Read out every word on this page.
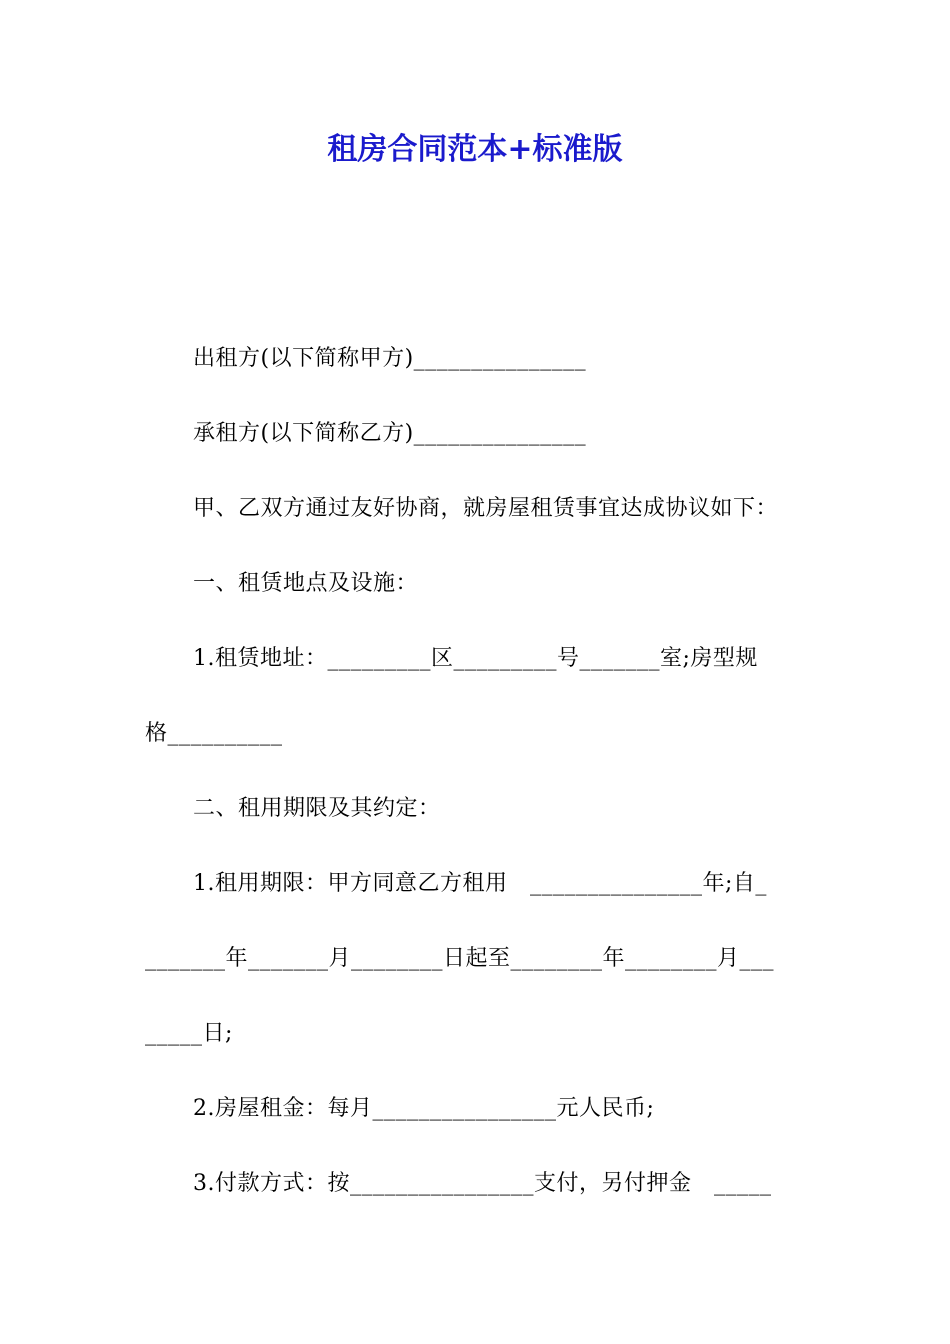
租房合同范本+标准版
出租方(以下简称甲方)_______________
承租方(以下简称乙方)_______________
甲、乙双方通过友好协商，就房屋租赁事宜达成协议如下：
一、租赁地点及设施：
1.租赁地址：_________区_________号_______室;房型规
格__________
二、租用期限及其约定：
1.租用期限：甲方同意乙方租用　_______________年;自_
_______年_______月________日起至________年________月___
_____日;
2.房屋租金：每月________________元人民币;
3.付款方式：按________________支付，另付押金　_____
